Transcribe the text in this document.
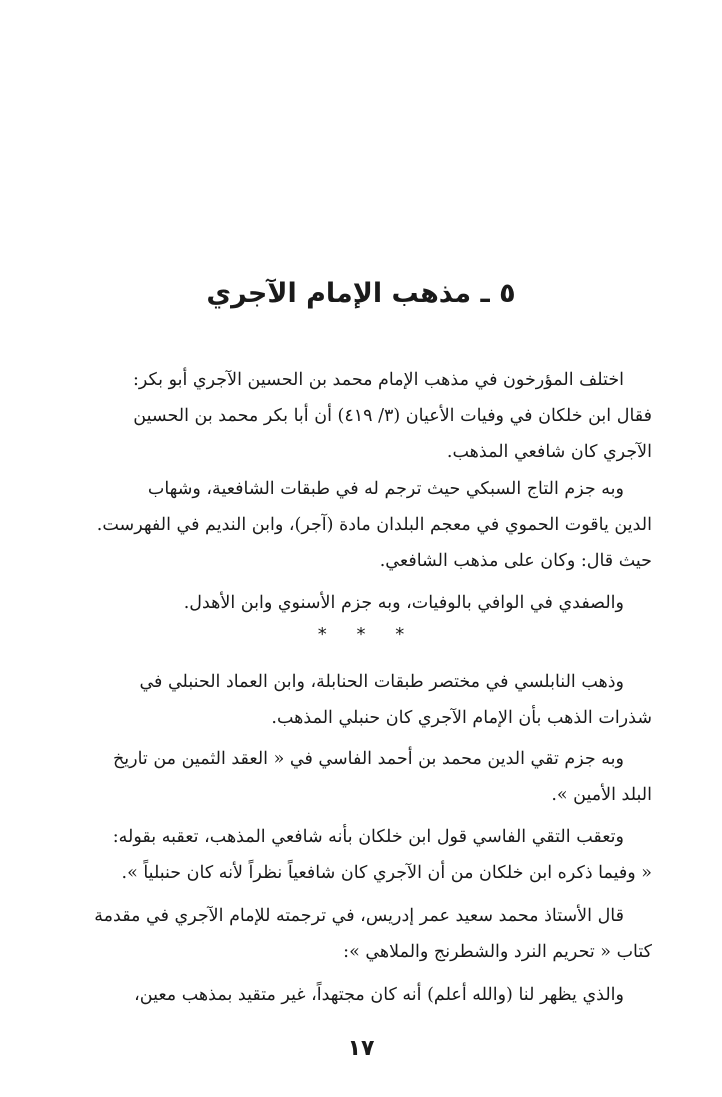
٥ ـ مذهب الإمام الآجري
اختلف المؤرخون في مذهب الإمام محمد بن الحسين الآجري أبو بكر:
فقال ابن خلكان في وفيات الأعيان (٣/ ٤١٩) أن أبا بكر محمد بن الحسين
الآجري كان شافعي المذهب.
وبه جزم التاج السبكي حيث ترجم له في طبقات الشافعية، وشهاب
الدين ياقوت الحموي في معجم البلدان مادة (آجر)، وابن النديم في الفهرست.
حيث قال: وكان على مذهب الشافعي.
والصفدي في الوافي بالوفيات، وبه جزم الأسنوي وابن الأهدل.
* * *
وذهب النابلسي في مختصر طبقات الحنابلة، وابن العماد الحنبلي في
شذرات الذهب بأن الإمام الآجري كان حنبلي المذهب.
وبه جزم تقي الدين محمد بن أحمد الفاسي في « العقد الثمين من تاريخ
البلد الأمين ».
وتعقب التقي الفاسي قول ابن خلكان بأنه شافعي المذهب، تعقبه بقوله:
« وفيما ذكره ابن خلكان من أن الآجري كان شافعياً نظراً لأنه كان حنبلياً ».
قال الأستاذ محمد سعيد عمر إدريس، في ترجمته للإمام الآجري في مقدمة
كتاب « تحريم النرد والشطرنج والملاهي »:
والذي يظهر لنا (والله أعلم) أنه كان مجتهداً، غير متقيد بمذهب معين،
١٧
